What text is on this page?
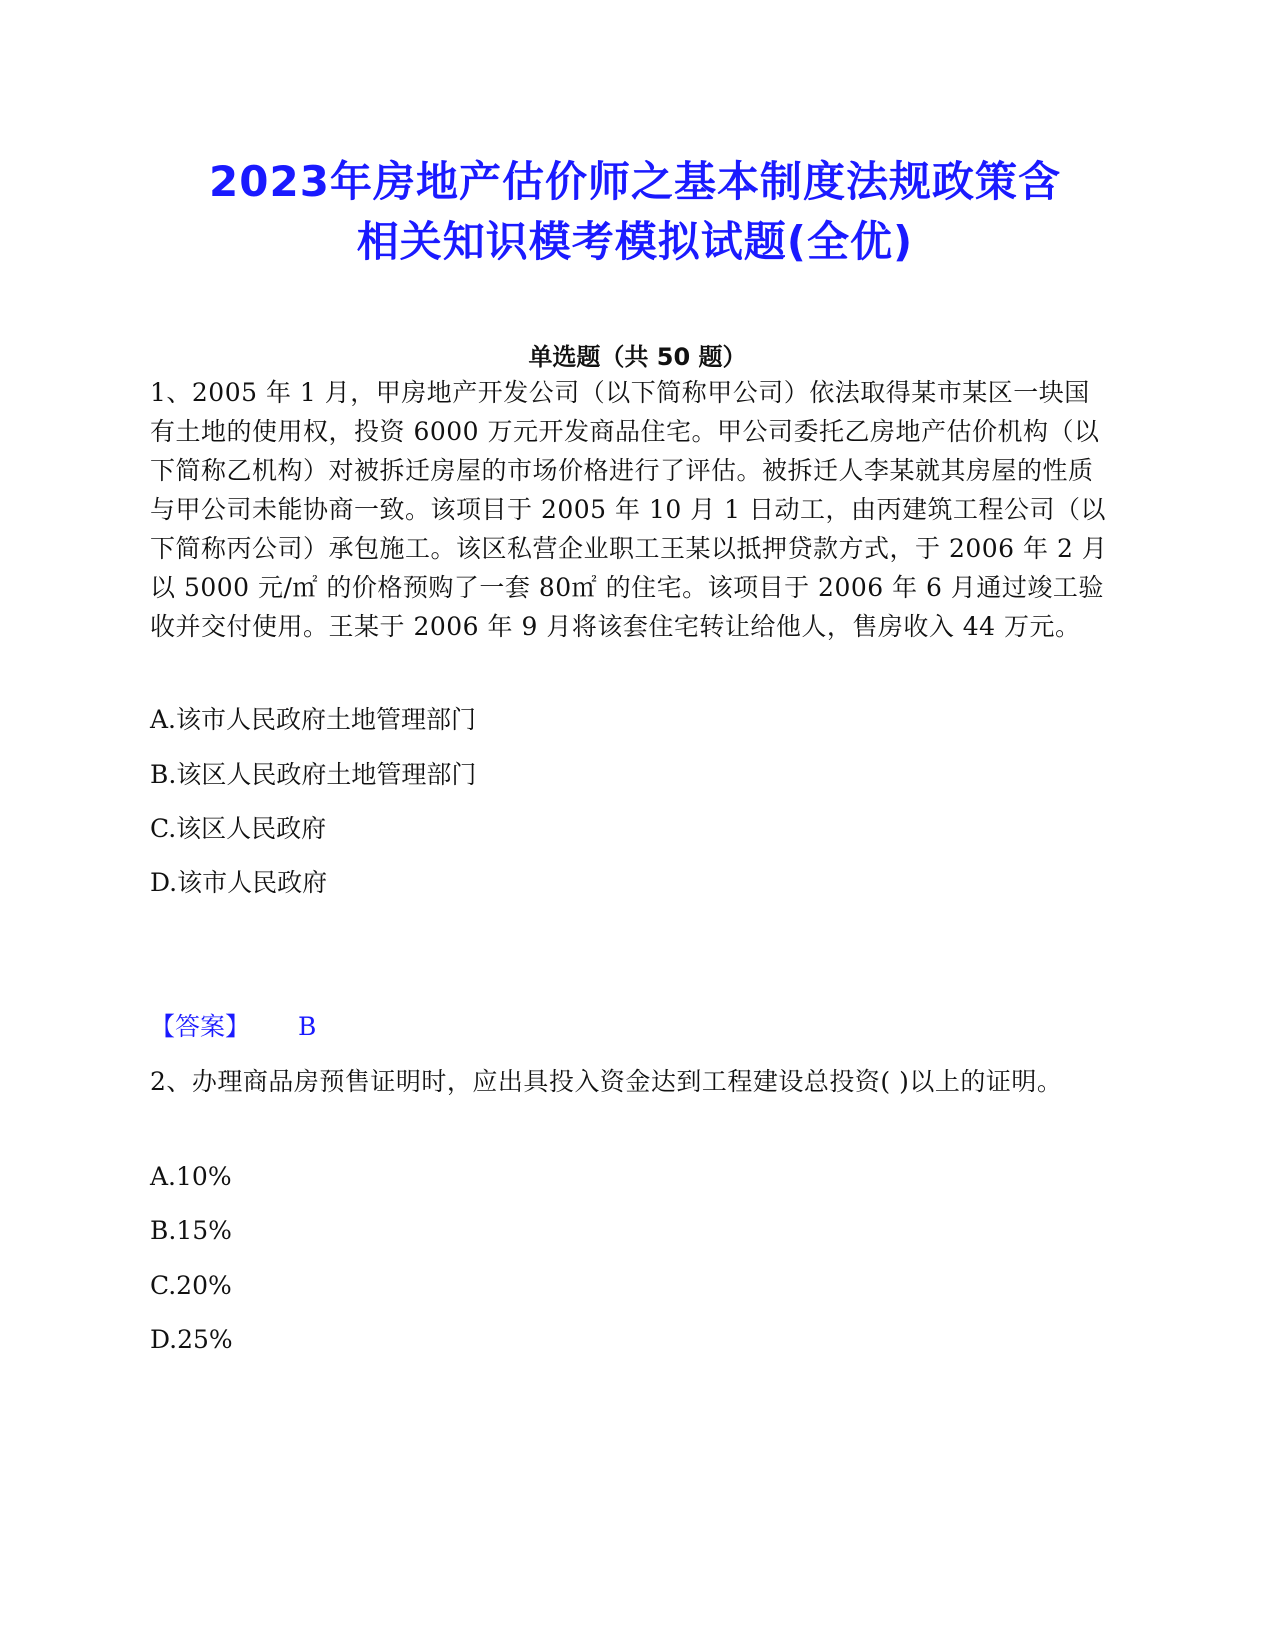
2023年房地产估价师之基本制度法规政策含
相关知识模考模拟试题(全优)
单选题（共 50 题）
1、2005 年 1 月，甲房地产开发公司（以下简称甲公司）依法取得某市某区一块国有土地的使用权，投资 6000 万元开发商品住宅。甲公司委托乙房地产估价机构（以下简称乙机构）对被拆迁房屋的市场价格进行了评估。被拆迁人李某就其房屋的性质与甲公司未能协商一致。该项目于 2005 年 10 月 1 日动工，由丙建筑工程公司（以下简称丙公司）承包施工。该区私营企业职工王某以抵押贷款方式，于 2006 年 2 月以 5000 元/㎡ 的价格预购了一套 80㎡ 的住宅。该项目于 2006 年 6 月通过竣工验收并交付使用。王某于 2006 年 9 月将该套住宅转让给他人，售房收入 44 万元。
A.该市人民政府土地管理部门
B.该区人民政府土地管理部门
C.该区人民政府
D.该市人民政府
【答案】 B
2、办理商品房预售证明时，应出具投入资金达到工程建设总投资( )以上的证明。
A.10%
B.15%
C.20%
D.25%
